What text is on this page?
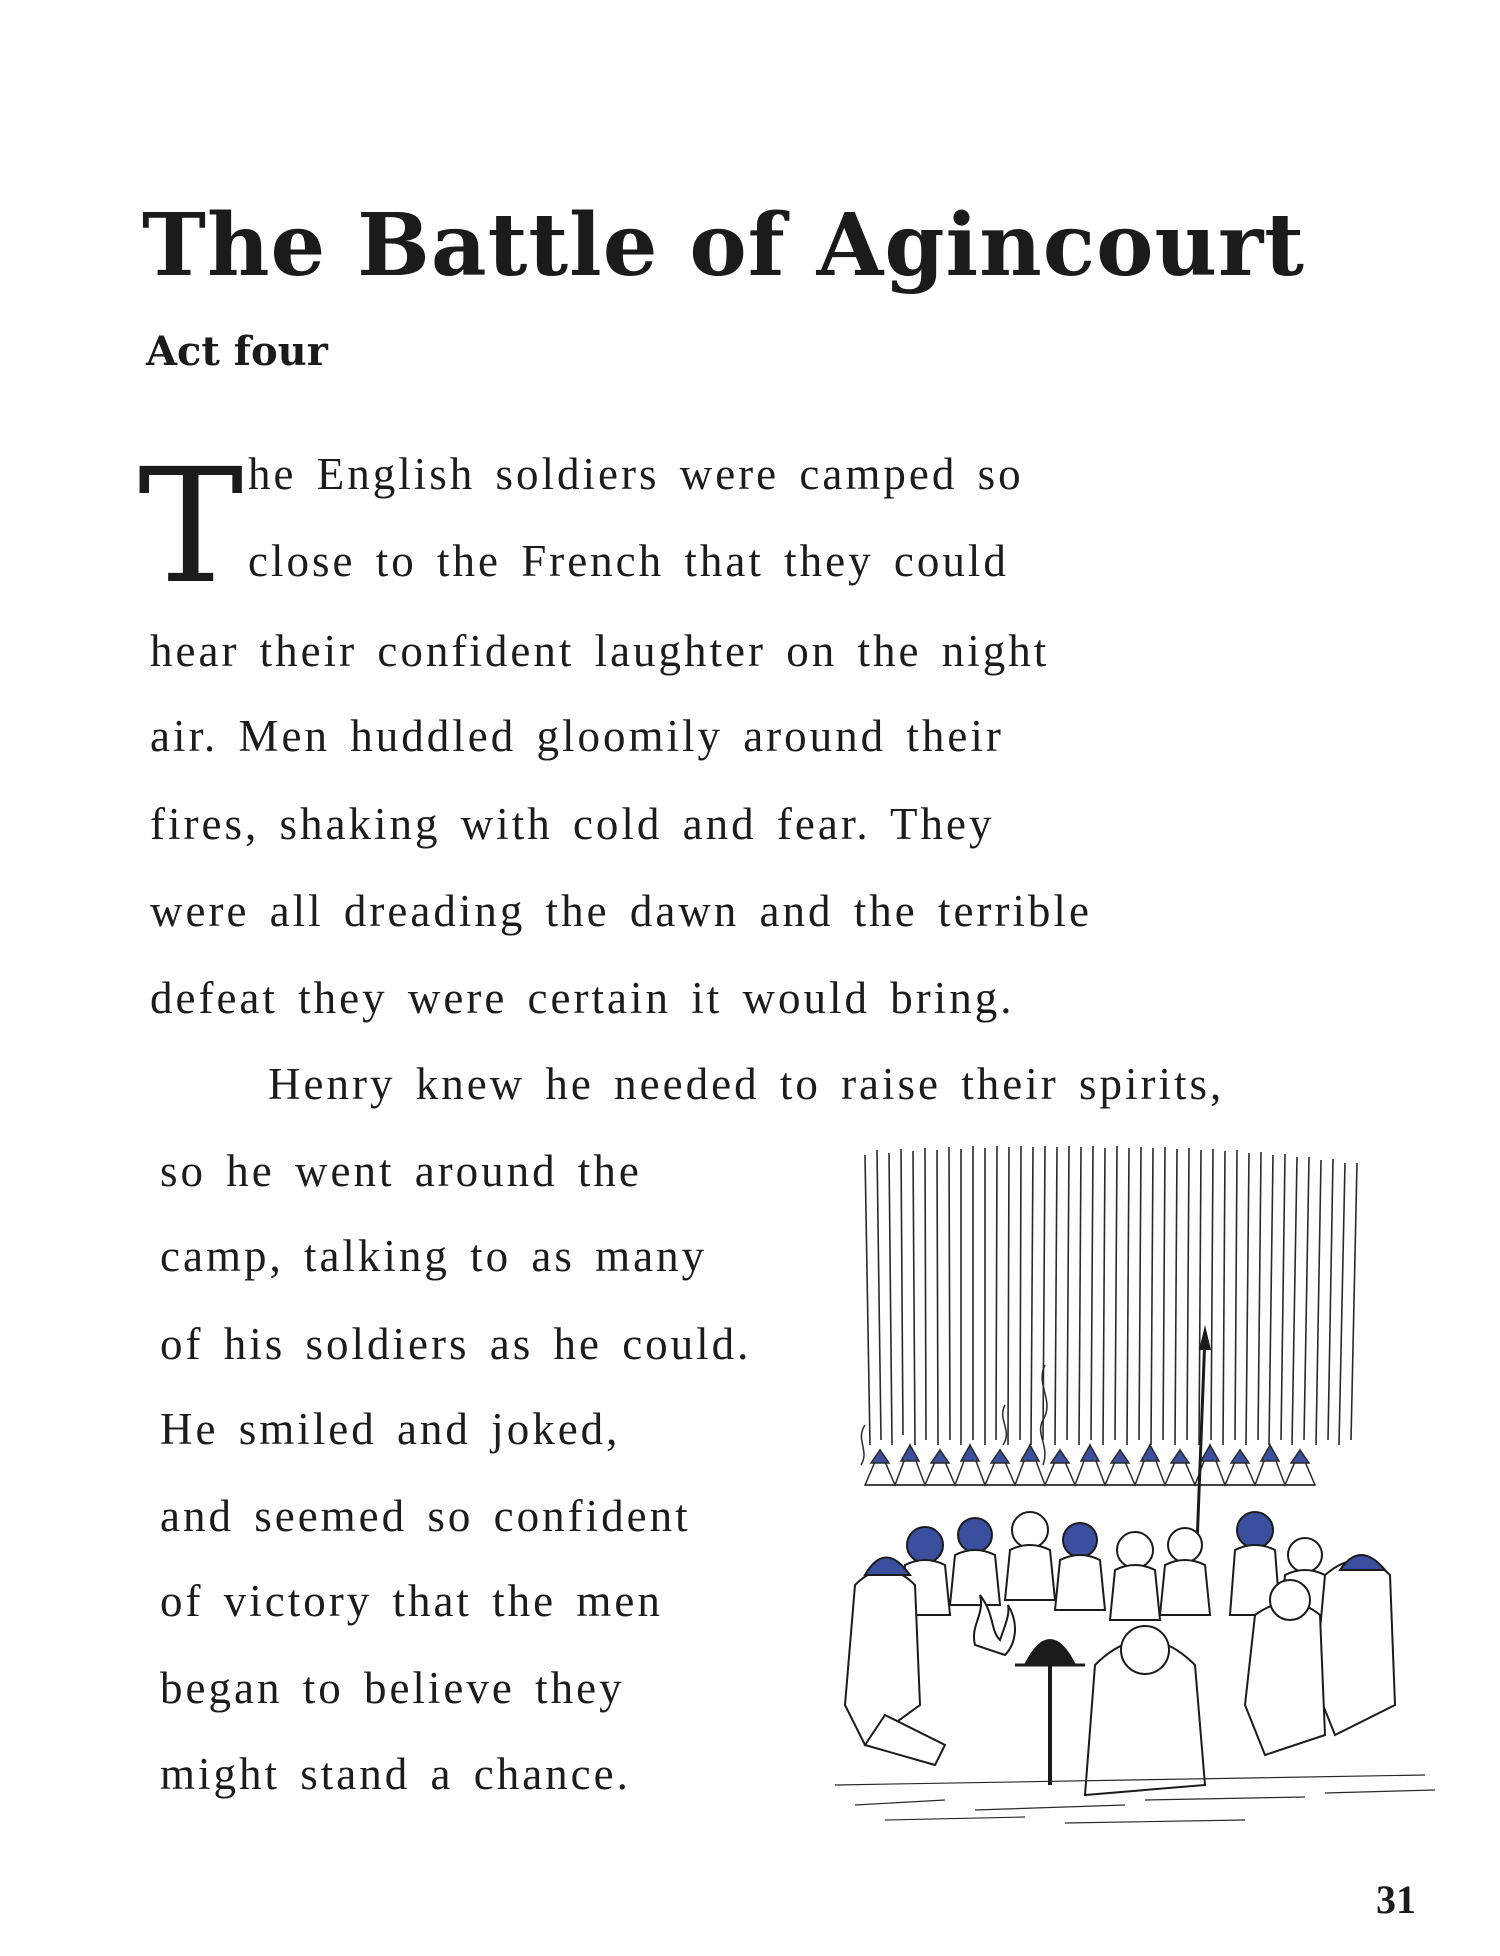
The Battle of Agincourt
Act four
T he English soldiers were camped so
close to the French that they could
hear their confident laughter on the night
air. Men huddled gloomily around their
fires, shaking with cold and fear. They
were all dreading the dawn and the terrible
defeat they were certain it would bring.
Henry knew he needed to raise their spirits,
so he went around the
camp, talking to as many
of his soldiers as he could.
He smiled and joked,
and seemed so confident
of victory that the men
began to believe they
might stand a chance.
31
